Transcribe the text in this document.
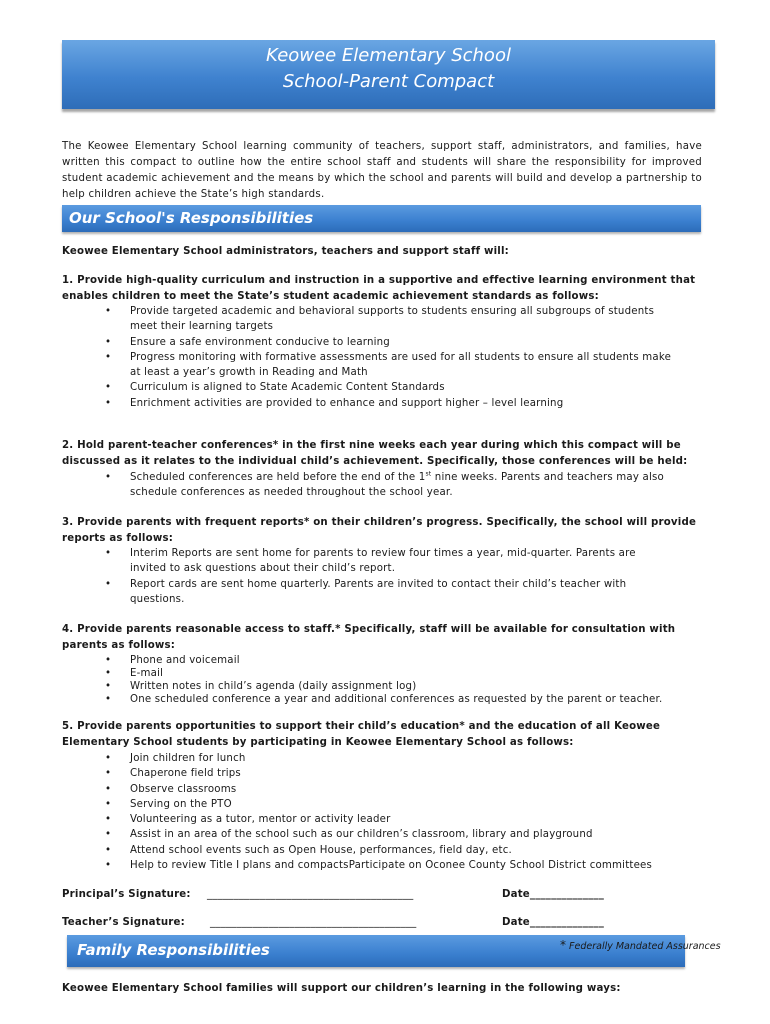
Keowee Elementary School
School-Parent Compact
The Keowee Elementary School learning community of teachers, support staff, administrators, and families, have written this compact to outline how the entire school staff and students will share the responsibility for improved student academic achievement and the means by which the school and parents will build and develop a partnership to help children achieve the State’s high standards.
Our School's Responsibilities
Keowee Elementary School administrators, teachers and support staff will:
1. Provide high-quality curriculum and instruction in a supportive and effective learning environment that enables children to meet the State’s student academic achievement standards as follows:
• Provide targeted academic and behavioral supports to students ensuring all subgroups of students meet their learning targets
• Ensure a safe environment conducive to learning
• Progress monitoring with formative assessments are used for all students to ensure all students make at least a year’s growth in Reading and Math
• Curriculum is aligned to State Academic Content Standards
• Enrichment activities are provided to enhance and support higher – level learning
2. Hold parent-teacher conferences* in the first nine weeks each year during which this compact will be discussed as it relates to the individual child’s achievement. Specifically, those conferences will be held:
• Scheduled conferences are held before the end of the 1st nine weeks. Parents and teachers may also schedule conferences as needed throughout the school year.
3. Provide parents with frequent reports* on their children’s progress. Specifically, the school will provide reports as follows:
• Interim Reports are sent home for parents to review four times a year, mid-quarter. Parents are invited to ask questions about their child’s report.
• Report cards are sent home quarterly. Parents are invited to contact their child’s teacher with questions.
4. Provide parents reasonable access to staff.* Specifically, staff will be available for consultation with parents as follows:
• Phone and voicemail
• E-mail
• Written notes in child’s agenda (daily assignment log)
• One scheduled conference a year and additional conferences as requested by the parent or teacher.
5. Provide parents opportunities to support their child’s education* and the education of all Keowee Elementary School students by participating in Keowee Elementary School as follows:
• Join children for lunch
• Chaperone field trips
• Observe classrooms
• Serving on the PTO
• Volunteering as a tutor, mentor or activity leader
• Assist in an area of the school such as our children’s classroom, library and playground
• Attend school events such as Open House, performances, field day, etc.
• Help to review Title I plans and compactsParticipate on Oconee County School District committees
Principal’s Signature: _______________________________________	Date______________
Teacher’s Signature: _______________________________________	Date______________
Family Responsibilities	* Federally Mandated Assurances
Keowee Elementary School families will support our children’s learning in the following ways:
